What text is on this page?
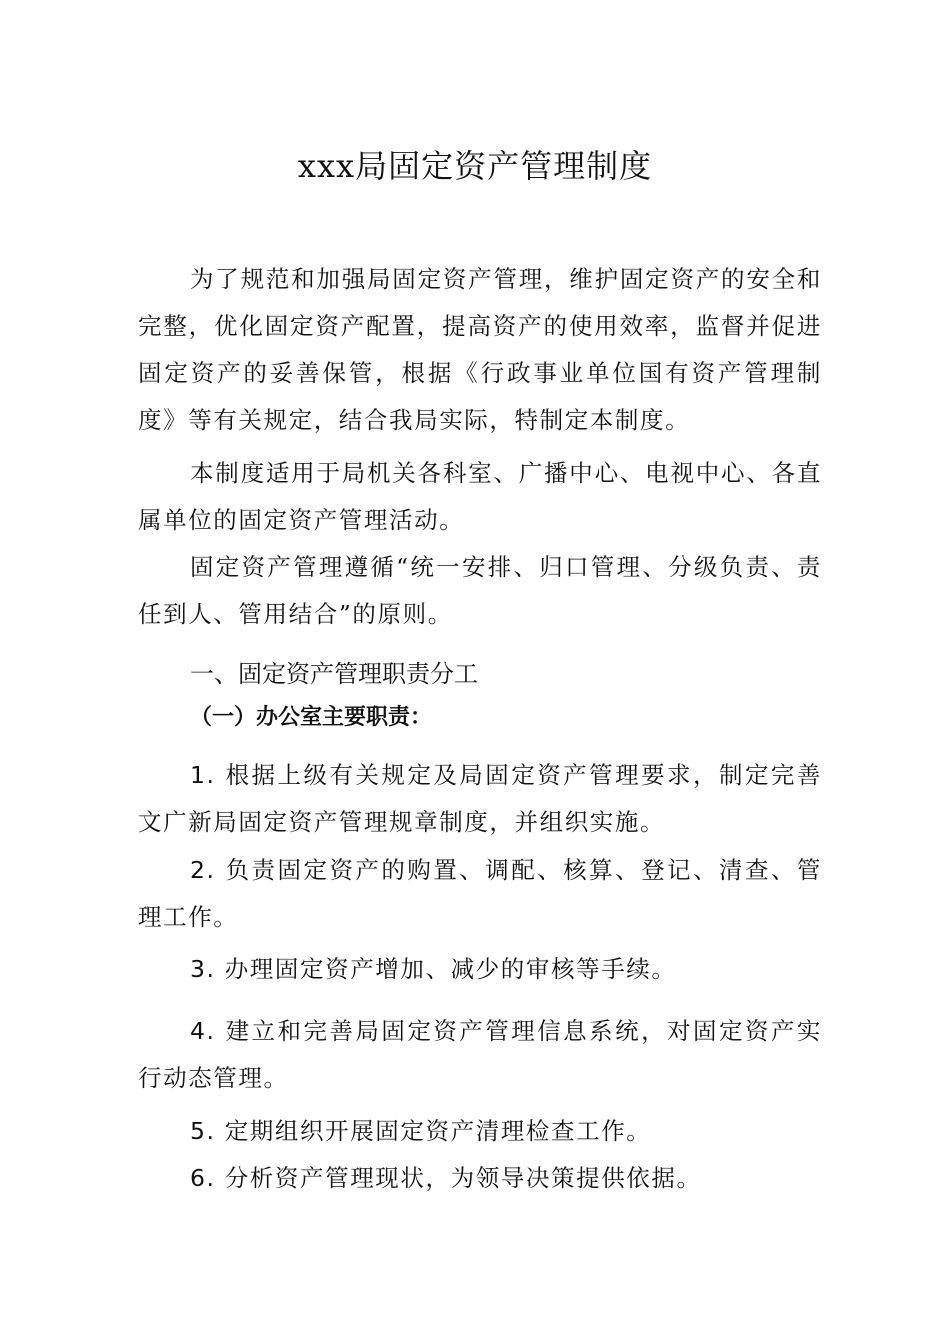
xxx局固定资产管理制度
为了规范和加强局固定资产管理，维护固定资产的安全和完整，优化固定资产配置，提高资产的使用效率，监督并促进固定资产的妥善保管，根据《行政事业单位国有资产管理制度》等有关规定，结合我局实际，特制定本制度。
本制度适用于局机关各科室、广播中心、电视中心、各直属单位的固定资产管理活动。
固定资产管理遵循“统一安排、归口管理、分级负责、责任到人、管用结合”的原则。
一、固定资产管理职责分工
（一）办公室主要职责：
1. 根据上级有关规定及局固定资产管理要求，制定完善文广新局固定资产管理规章制度，并组织实施。
2. 负责固定资产的购置、调配、核算、登记、清查、管理工作。
3. 办理固定资产增加、减少的审核等手续。
4. 建立和完善局固定资产管理信息系统，对固定资产实行动态管理。
5. 定期组织开展固定资产清理检查工作。
6. 分析资产管理现状，为领导决策提供依据。
